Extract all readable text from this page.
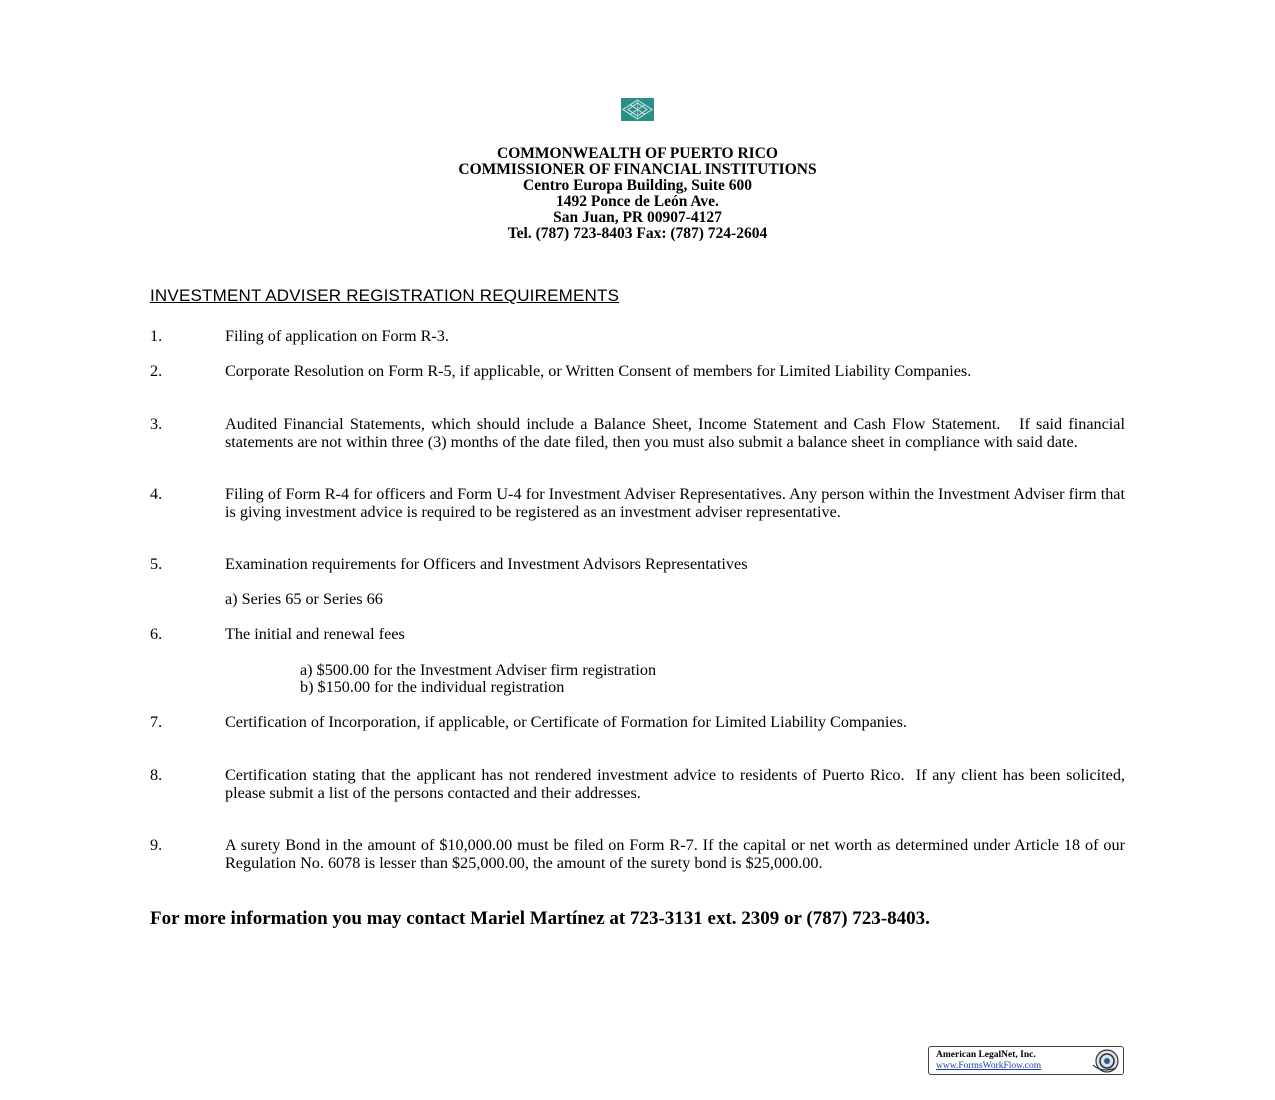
COMMONWEALTH OF PUERTO RICO
COMMISSIONER OF FINANCIAL INSTITUTIONS
Centro Europa Building, Suite 600
1492 Ponce de León Ave.
San Juan, PR 00907-4127
Tel. (787) 723-8403 Fax: (787) 724-2604
INVESTMENT ADVISER REGISTRATION REQUIREMENTS
1.	Filing of application on Form R-3.
2.	Corporate Resolution on Form R-5, if applicable, or Written Consent of members for Limited Liability Companies.
3.	Audited Financial Statements, which should include a Balance Sheet, Income Statement and Cash Flow Statement.   If said financial statements are not within three (3) months of the date filed, then you must also submit a balance sheet in compliance with said date.
4.	Filing of Form R-4 for officers and Form U-4 for Investment Adviser Representatives. Any person within the Investment Adviser firm that is giving investment advice is required to be registered as an investment adviser representative.
5.	Examination requirements for Officers and Investment Advisors Representatives
a) Series 65 or Series 66
6.	The initial and renewal fees
a) $500.00 for the Investment Adviser firm registration
b) $150.00 for the individual registration
7.	Certification of Incorporation, if applicable, or Certificate of Formation for Limited Liability Companies.
8.	Certification stating that the applicant has not rendered investment advice to residents of Puerto Rico.  If any client has been solicited, please submit a list of the persons contacted and their addresses.
9.	A surety Bond in the amount of $10,000.00 must be filed on Form R-7. If the capital or net worth as determined under Article 18 of our Regulation No. 6078 is lesser than $25,000.00, the amount of the surety bond is $25,000.00.
For more information you may contact Mariel Martínez at 723-3131 ext. 2309 or (787) 723-8403.
American LegalNet, Inc.
www.FormsWorkFlow.com
